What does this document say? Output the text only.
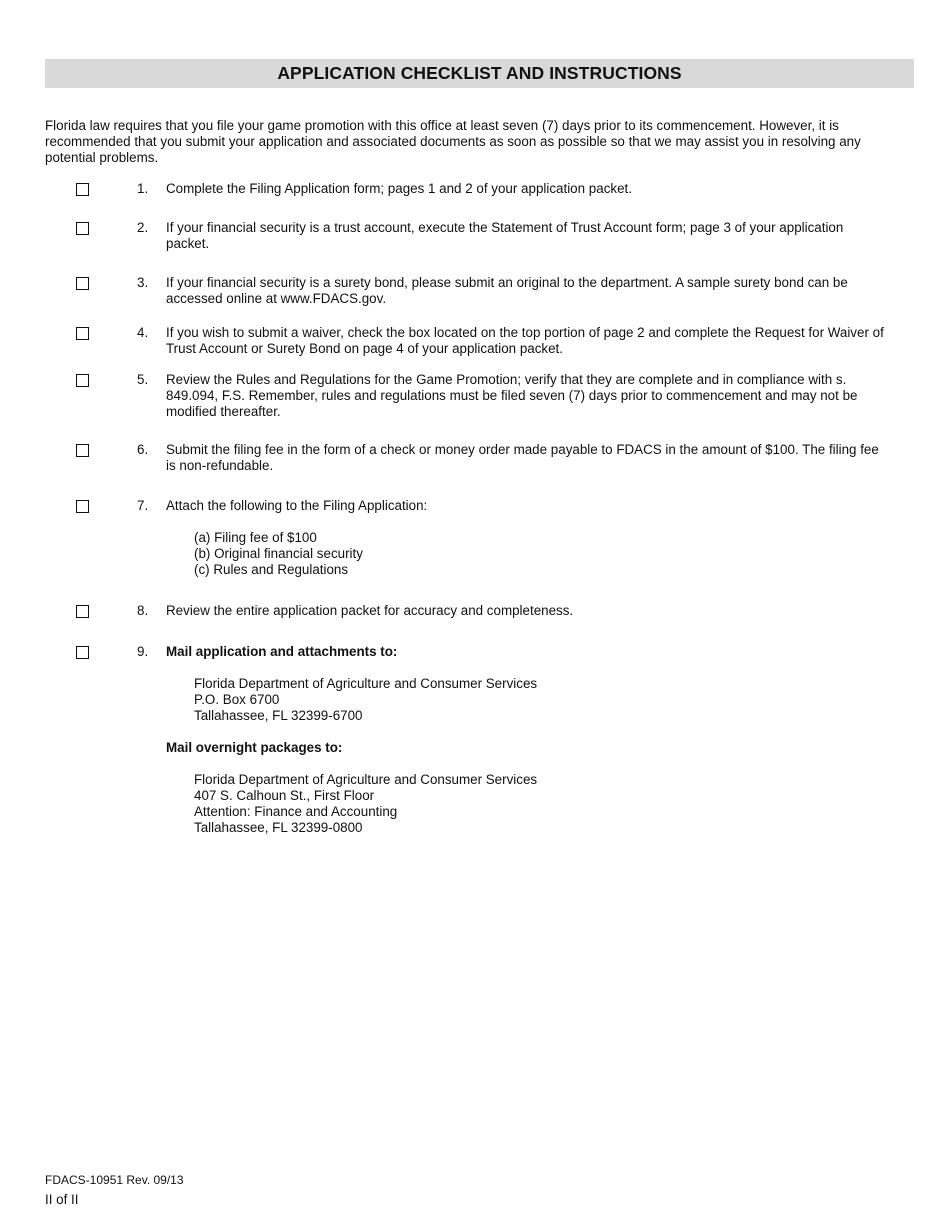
APPLICATION CHECKLIST AND INSTRUCTIONS

Florida law requires that you file your game promotion with this office at least seven (7) days prior to its commencement. However, it is recommended that you submit your application and associated documents as soon as possible so that we may assist you in resolving any potential problems.

1. Complete the Filing Application form; pages 1 and 2 of your application packet.

2. If your financial security is a trust account, execute the Statement of Trust Account form; page 3 of your application packet.

3. If your financial security is a surety bond, please submit an original to the department. A sample surety bond can be accessed online at www.FDACS.gov.

4. If you wish to submit a waiver, check the box located on the top portion of page 2 and complete the Request for Waiver of Trust Account or Surety Bond on page 4 of your application packet.

5. Review the Rules and Regulations for the Game Promotion; verify that they are complete and in compliance with s. 849.094, F.S. Remember, rules and regulations must be filed seven (7) days prior to commencement and may not be modified thereafter.

6. Submit the filing fee in the form of a check or money order made payable to FDACS in the amount of $100. The filing fee is non-refundable.

7. Attach the following to the Filing Application:

(a) Filing fee of $100
(b) Original financial security
(c) Rules and Regulations
8. Review the entire application packet for accuracy and completeness.

9. Mail application and attachments to:

Florida Department of Agriculture and Consumer Services
P.O. Box 6700
Tallahassee, FL 32399-6700

Mail overnight packages to:

Florida Department of Agriculture and Consumer Services
407 S. Calhoun St., First Floor
Attention: Finance and Accounting
Tallahassee, FL 32399-0800
FDACS-10951 Rev. 09/13
II of II
